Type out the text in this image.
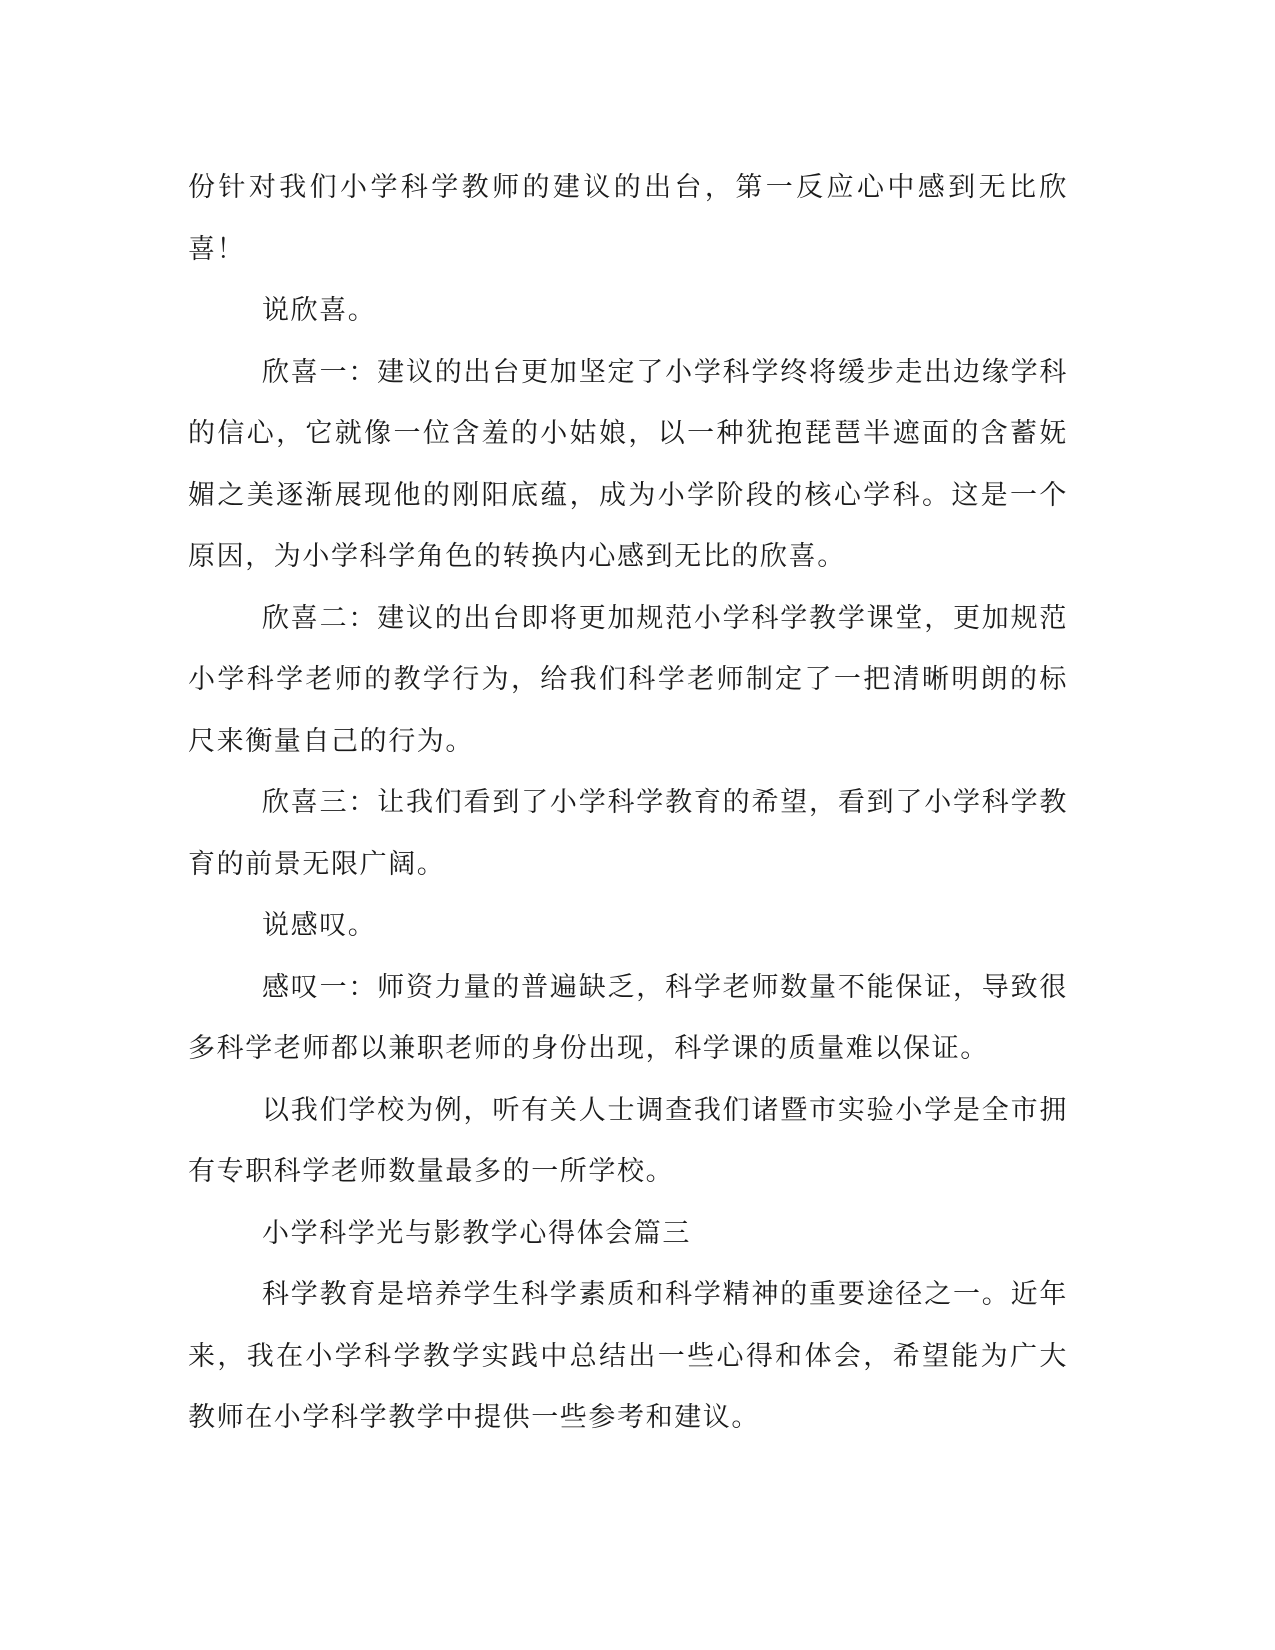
份针对我们小学科学教师的建议的出台，第一反应心中感到无比欣喜！

说欣喜。

欣喜一：建议的出台更加坚定了小学科学终将缓步走出边缘学科的信心，它就像一位含羞的小姑娘，以一种犹抱琵琶半遮面的含蓄妩媚之美逐渐展现他的刚阳底蕴，成为小学阶段的核心学科。这是一个原因，为小学科学角色的转换内心感到无比的欣喜。

欣喜二：建议的出台即将更加规范小学科学教学课堂，更加规范小学科学老师的教学行为，给我们科学老师制定了一把清晰明朗的标尺来衡量自己的行为。

欣喜三：让我们看到了小学科学教育的希望，看到了小学科学教育的前景无限广阔。

说感叹。

感叹一：师资力量的普遍缺乏，科学老师数量不能保证，导致很多科学老师都以兼职老师的身份出现，科学课的质量难以保证。

以我们学校为例，听有关人士调查我们诸暨市实验小学是全市拥有专职科学老师数量最多的一所学校。

小学科学光与影教学心得体会篇三

科学教育是培养学生科学素质和科学精神的重要途径之一。近年来，我在小学科学教学实践中总结出一些心得和体会，希望能为广大教师在小学科学教学中提供一些参考和建议。
